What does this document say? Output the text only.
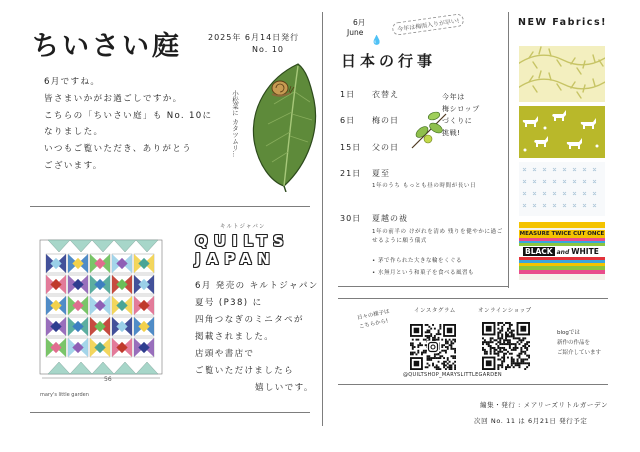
ちいさい庭	2025年 6月14日発行
No. 10
6月ですね。
皆さまいかがお過ごしですか。
こちらの「ちいさい庭」も No. 10に
なりました。
いつもご覧いただき、ありがとう
ございます。
小松菜に カタツムリ…
6月
June
💧
今年は梅雨入りが早い!
日本の行事
1日 衣替え
6日 梅の日
15日 父の日
21日 夏至
1年のうち もっとも昼の時間が長い日
30日 夏越の祓
1年の前半の けがれを清め 残りを健やかに過ごせるように願う儀式
• 茅で作られた大きな輪をくぐる
• 水無月という和菓子を食べる風習も
今年は
梅シロップ
づくりに
挑戦!
NEW Fabrics!
MEASURE TWICE CUT ONCE
BLACK and WHITE
mary's little garden
56
キルトジャパン
QUILTS
JAPAN
6月 発売の キルトジャパン
夏号 (P38) に
四角つなぎのミニタペが
掲載されました。
店頭や書店で
ご覧いただけましたら
嬉しいです。
日々の様子は
こちらから!
インスタグラム	オンラインショップ
@QUILTSHOP_MARYSLITTLEGARDEN
blogでは
新作の作品を
ご紹介しています
編集・発行 : メアリーズリトルガーデン
次回 No. 11 は 6月21日 発行予定
